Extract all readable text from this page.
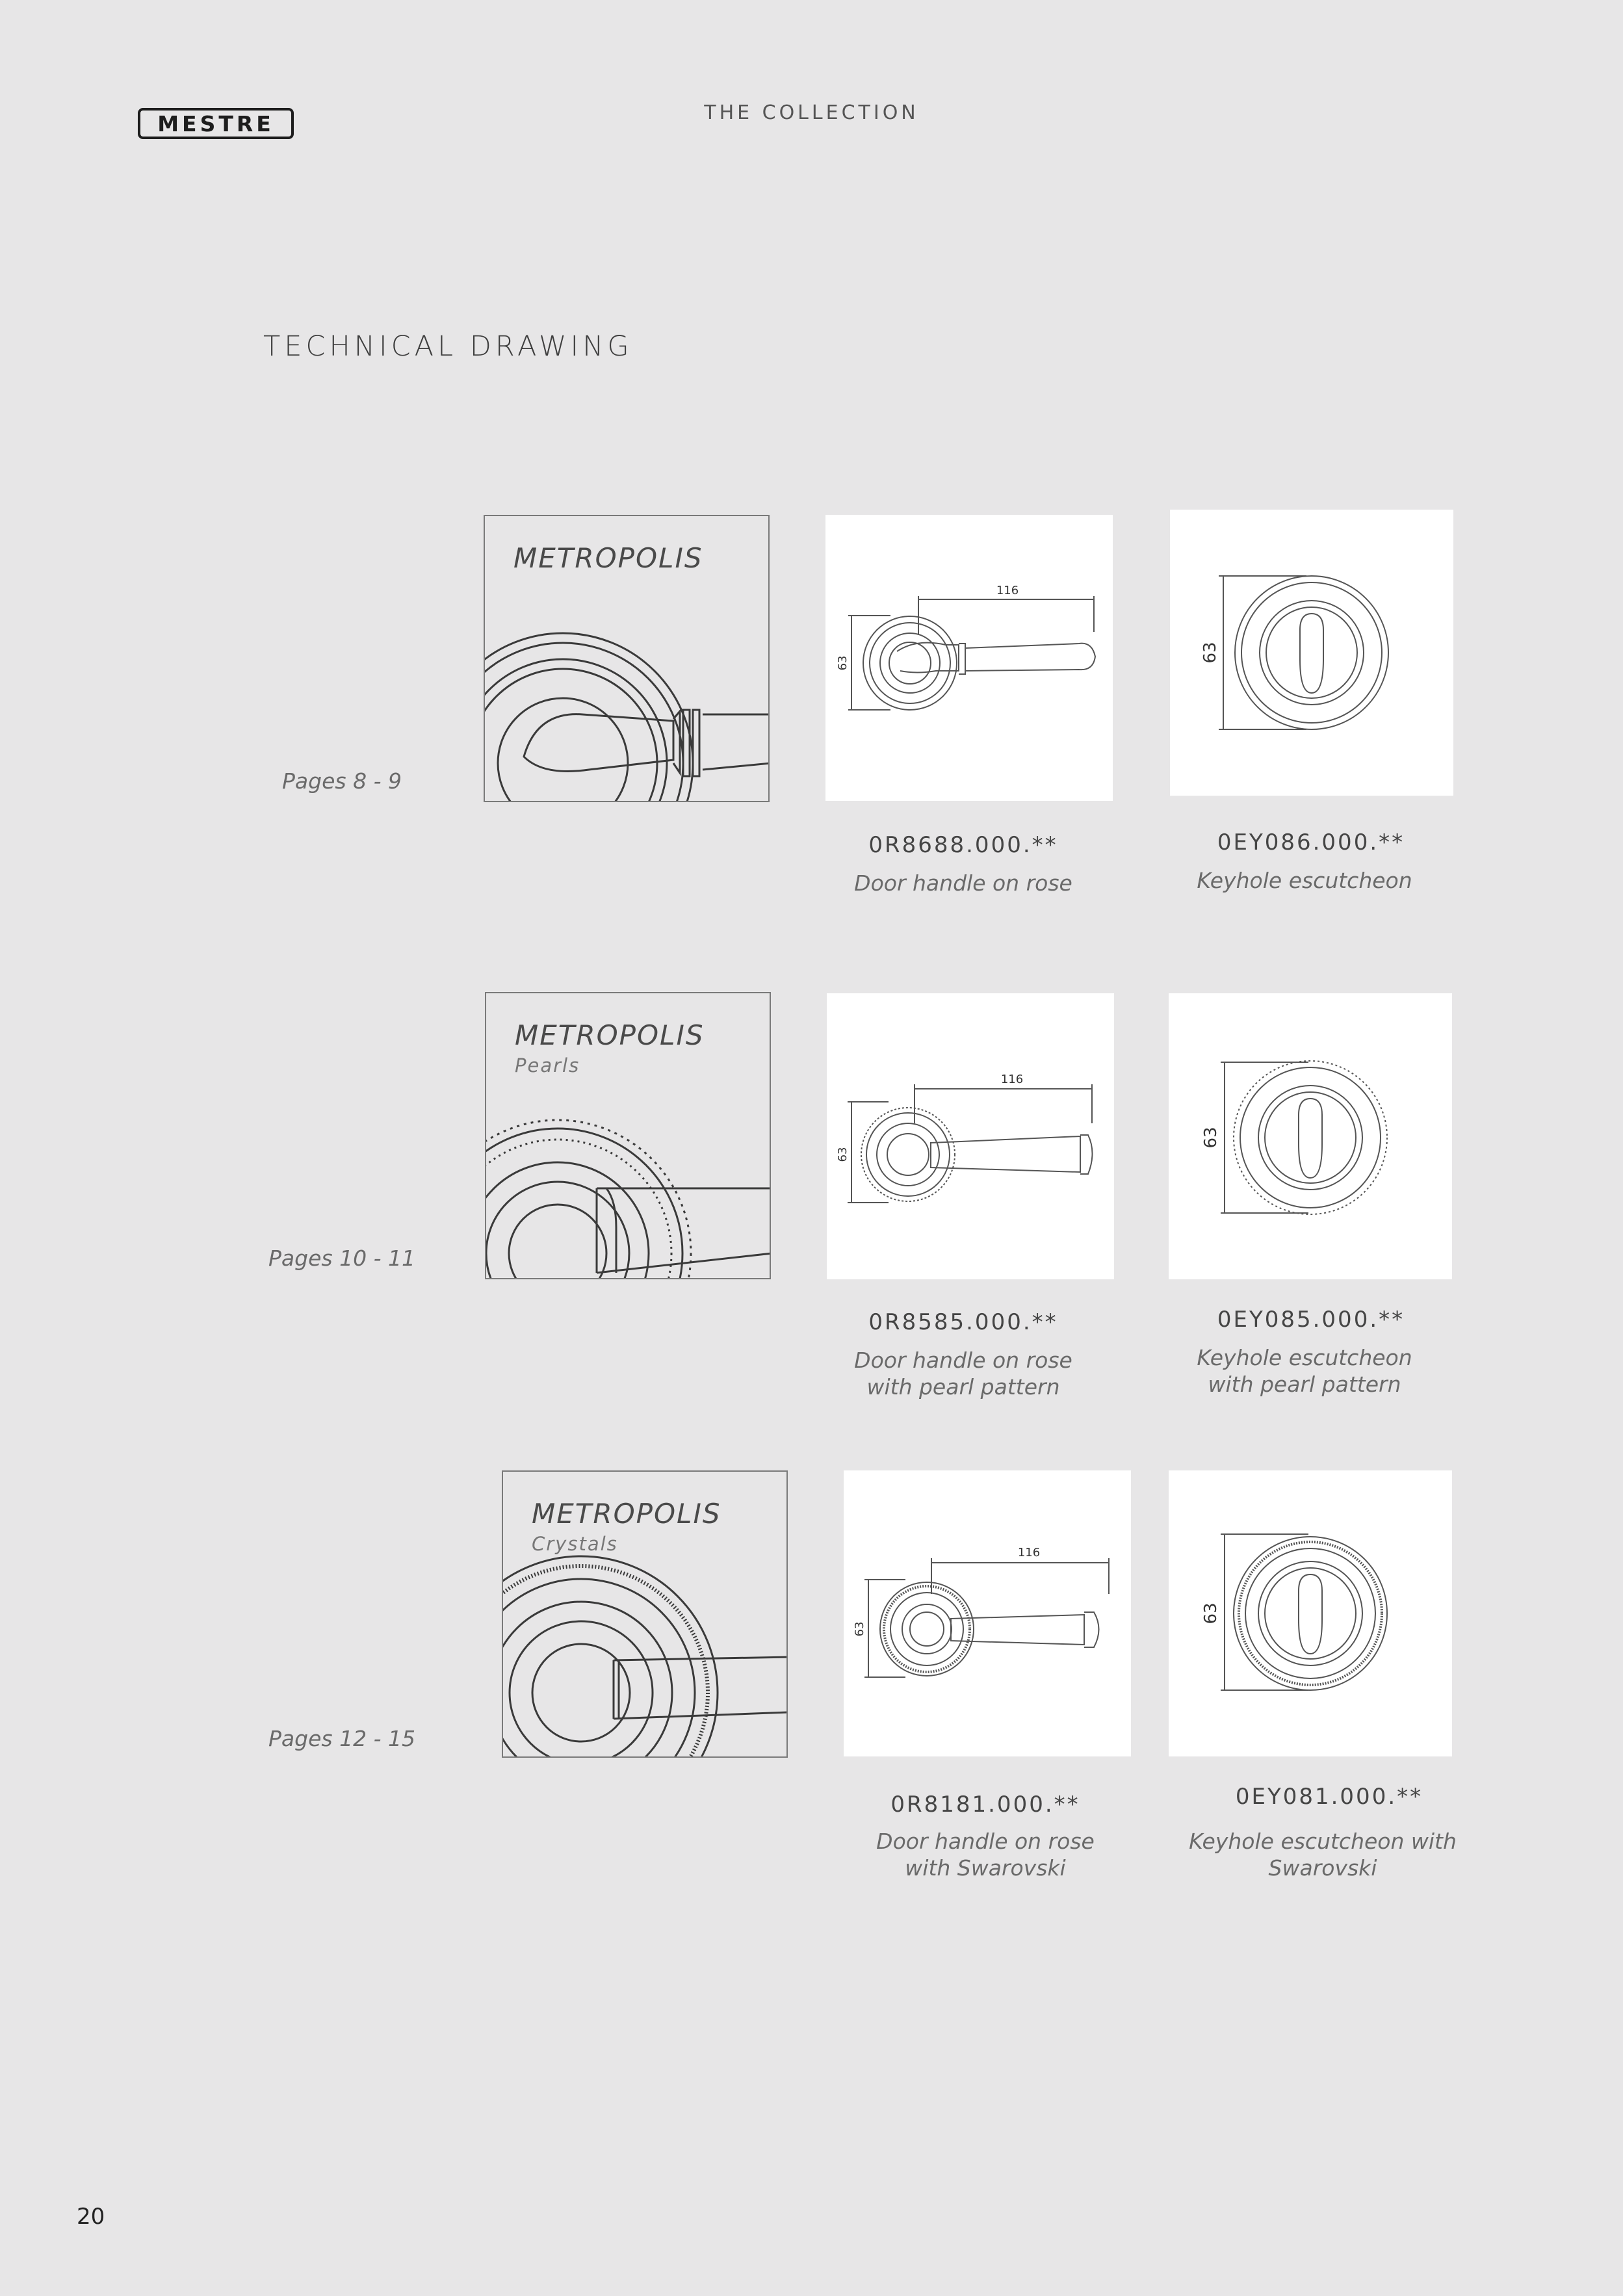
MESTRE	THE COLLECTION
TECHNICAL DRAWING
Pages 8 - 9
METROPOLIS
116
63	63
0R8688.000.**
Door handle on rose
0EY086.000.**
Keyhole escutcheon
Pages 10 - 11
METROPOLIS
Pearls
116
63
63
0R8585.000.**
Door handle on rose
with pearl pattern
0EY085.000.**
Keyhole escutcheon
with pearl pattern
Pages 12 - 15
METROPOLIS
Crystals	116
63
63
0R8181.000.**
Door handle on rose
with Swarovski
0EY081.000.**
Keyhole escutcheon with
Swarovski
20
